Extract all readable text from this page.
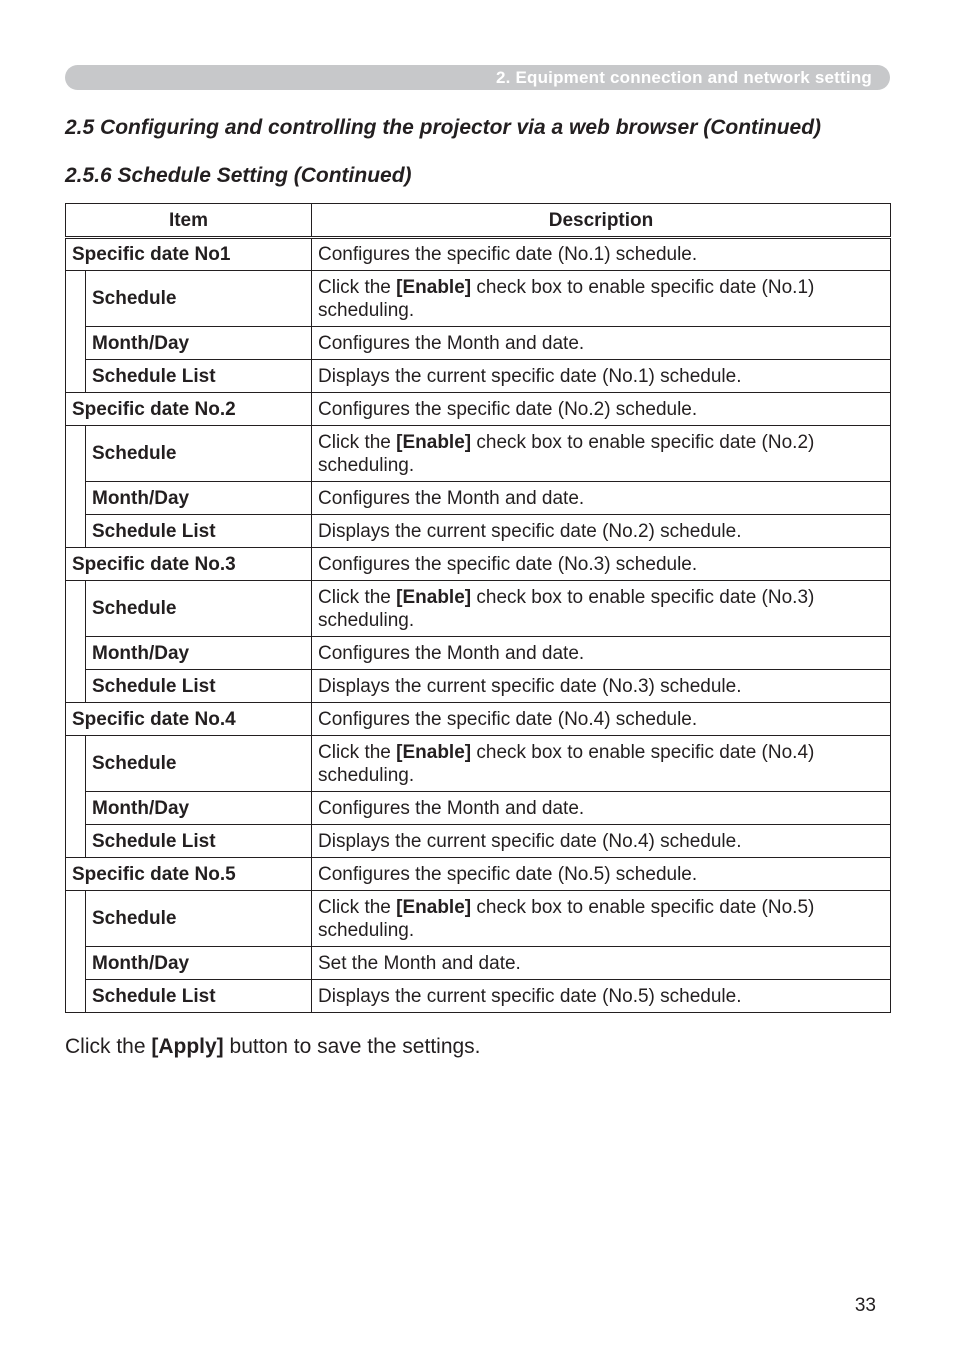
2. Equipment connection and network setting
2.5 Configuring and controlling the projector via a web browser (Continued)
2.5.6 Schedule Setting (Continued)
Item		Description
Specific date No1		Configures the specific date (No.1) schedule.
	Schedule	Click the [Enable] check box to enable specific date (No.1) scheduling.
	Month/Day	Configures the Month and date.
	Schedule List	Displays the current specific date (No.1) schedule.
Specific date No.2		Configures the specific date (No.2) schedule.
	Schedule	Click the [Enable] check box to enable specific date (No.2) scheduling.
	Month/Day	Configures the Month and date.
	Schedule List	Displays the current specific date (No.2) schedule.
Specific date No.3		Configures the specific date (No.3) schedule.
	Schedule	Click the [Enable] check box to enable specific date (No.3) scheduling.
	Month/Day	Configures the Month and date.
	Schedule List	Displays the current specific date (No.3) schedule.
Specific date No.4		Configures the specific date (No.4) schedule.
	Schedule	Click the [Enable] check box to enable specific date (No.4) scheduling.
	Month/Day	Configures the Month and date.
	Schedule List	Displays the current specific date (No.4) schedule.
Specific date No.5		Configures the specific date (No.5) schedule.
	Schedule	Click the [Enable] check box to enable specific date (No.5) scheduling.
	Month/Day	Set the Month and date.
	Schedule List	Displays the current specific date (No.5) schedule.
Click the [Apply] button to save the settings.
33
